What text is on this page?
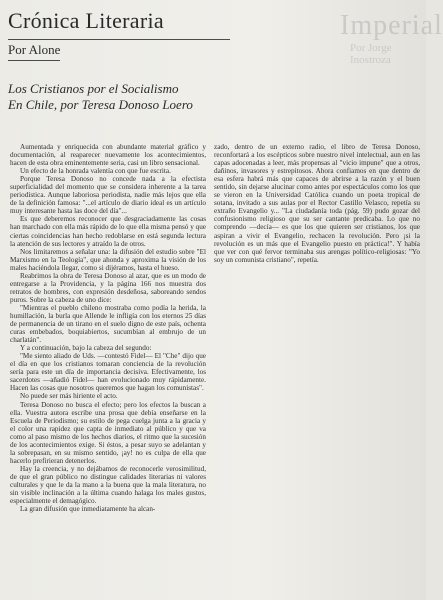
Imperial
Por Jorge Inostroza
Crónica Literaria
Por Alone
Los Cristianos por el Socialismo
En Chile, por Teresa Donoso Loero

Aumentada y enriquecida con abundante material gráfico y documentación, al reaparecer nuevamente los acontecimientos, hacen de esta obra eminentemente seria, casi un libro sensacional.

Un efecto de la honrada valentía con que fue escrita.

Porque Teresa Donoso no concede nada a la efectista superficialidad del momento que se considera inherente a la tarea periodística. Aunque laboriosa periodista, nadie más lejos que ella de la definición famosa: "...el artículo de diario ideal es un artículo muy interesante hasta las doce del día"...

Es que deberemos reconocer que desgraciadamente las cosas han marchado con ella más rápido de lo que ella misma pensó y que ciertas coincidencias han hecho redoblarse en está segunda lectura la atención de sus lectores y atraído la de otros.

Nos limitaremos a señalar una: la difusión del estudio sobre "El Marxismo en la Teología", que ahonda y aproxima la visión de los males haciéndola llegar, como si dijéramos, hasta el hueso.

Reabrimos la obra de Teresa Donoso al azar, que es un modo de entregarse a la Providencia, y la página 166 nos muestra dos retratos de hombres, con expresión desdeñosa, saboreando sendos puros. Sobre la cabeza de uno dice:

"Mientras el pueblo chileno mostraba como podía la herida, la humillación, la burla que Allende le infligía con los eternos 25 días de permanencia de un tirano en el suelo digno de este país, ochenta curas embebados, boquiabiertos, sucumbían al embrujo de un charlatán".

Y a continuación, bajo la cabeza del segundo:

"Me siento aliado de Uds. —contestó Fidel— El "Che" dijo que el día en que los cristianos tomaran conciencia de la revolución sería para este un día de importancia decisiva. Efectivamente, los sacerdotes —añadió Fidel— han evolucionado muy rápidamente. Hacen las cosas que nosotros queremos que hagan los comunistas".

No puede ser más hiriente el acto.

Teresa Donoso no busca el efecto; pero los efectos la buscan a ella. Vuestra autora escribe una prosa que debía enseñarse en la Escuela de Periodismo; su estilo de pega cuelga junta a la gracia y el color una rapidez que capta de inmediato al público y que va como al paso mismo de los hechos diarios, el ritmo que la sucesión de los acontecimientos exige. Si éstos, a pesar suyo se adelantan y la sobrepasan, en su mismo sentido, ¡ay! no es culpa de ella que hacerlo prefirieran detenerlos.

Hay la creencia, y no dejábamos de reconocerle verosimilitud, de que el gran público no distingue calidades literarias ni valores culturales y que le da la mano a la buena que la mala literatura, no sin visible inclinación a la última cuando halaga los males gustos, especialmente el demagógico.

La gran difusión que inmediatamente ha alcan-

zado, dentro de un externo radio, el libro de Teresa Donoso, reconfortará a los escépticos sobre nuestro nivel intelectual, aun en las capas adocenadas a leer, más propensas al "vicio impune" que a otros, dañinos, invasores y estrepitosos. Ahora confiamos en que dentro de esa esfera habrá más que capaces de abrirse a la razón y el buen sentido, sin dejarse alucinar como antes por espectáculos como los que se vieron en la Universidad Católica cuando un poeta tropical de sotana, invitado a sus aulas por el Rector Castillo Velasco, repetía su extraño Evangelio y... "La ciudadanía toda (pág. 59) pudo gozar del confusionismo religioso que su ser cantante predicaba. Lo que no comprendo —decía— es que los que quieren ser cristianos, los que aspiran a vivir el Evangelio, rechacen la revolución. Pero ¡si la revolución es un más que el Evangelio puesto en práctica!". Y había que ver con qué fervor terminaba sus arengas político-religiosas: "Yo soy un comunista cristiano", repetía.
